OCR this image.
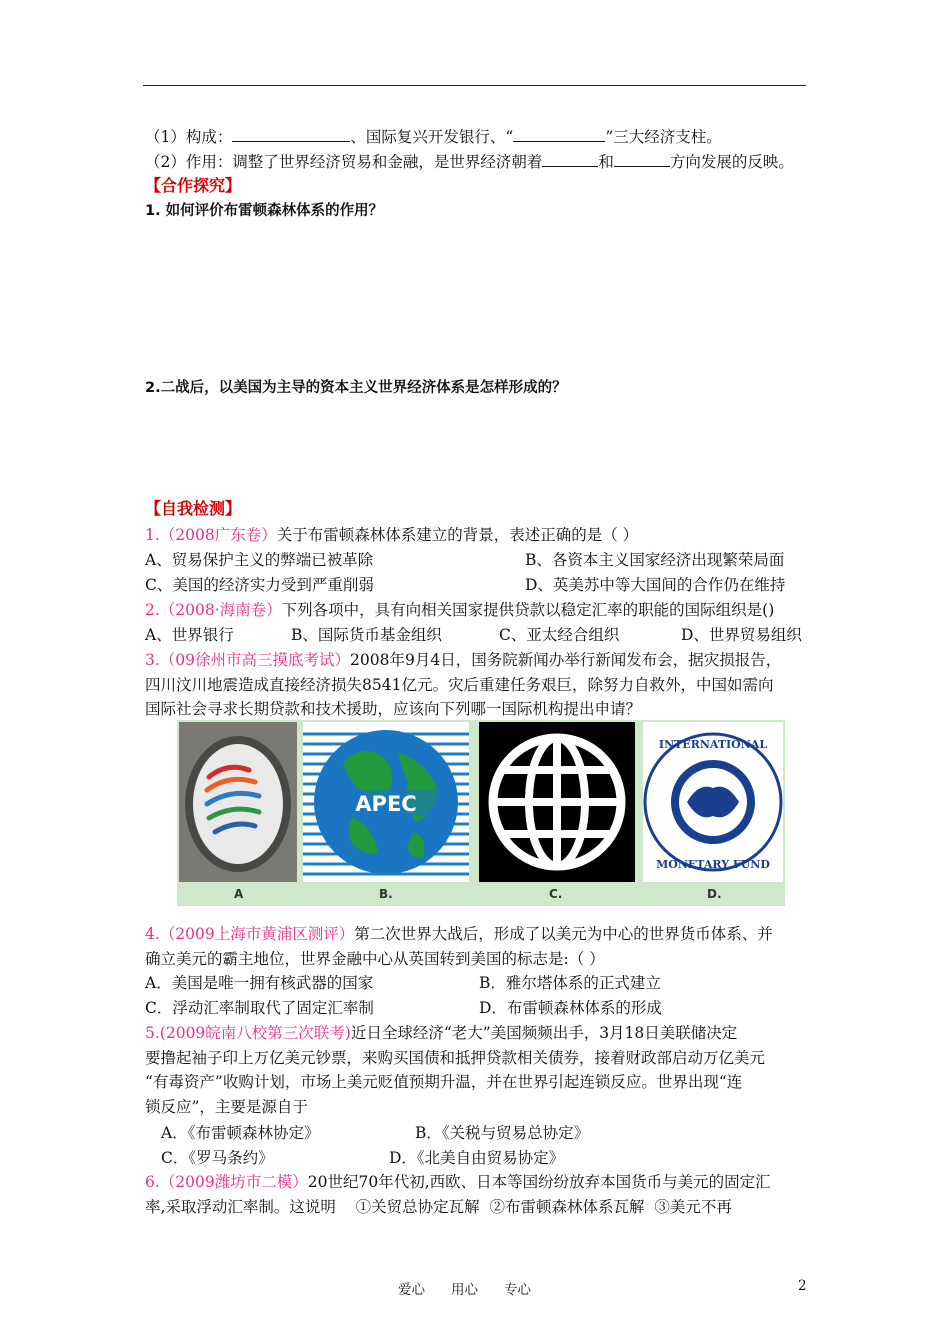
（1）构成：	、国际复兴开发银行、“	”三大经济支柱。
（2）作用：调整了世界经济贸易和金融，是世界经济朝着	和	方向发展的反映。
【合作探究】
1. 如何评价布雷顿森林体系的作用？
2.二战后，以美国为主导的资本主义世界经济体系是怎样形成的？
【自我检测】
1.（2008广东卷）关于布雷顿森林体系建立的背景，表述正确的是（ ）
A、贸易保护主义的弊端已被革除	B、各资本主义国家经济出现繁荣局面
C、美国的经济实力受到严重削弱	D、英美苏中等大国间的合作仍在维持
2.（2008·海南卷）下列各项中，具有向相关国家提供贷款以稳定汇率的职能的国际组织是()
A、世界银行	B、国际货币基金组织	C、亚太经合组织	D、世界贸易组织
3.（09徐州市高三摸底考试）2008年9月4日，国务院新闻办举行新闻发布会，据灾损报告，
四川汶川地震造成直接经济损失8541亿元。灾后重建任务艰巨，除努力自救外，中国如需向
国际社会寻求长期贷款和技术援助，应该向下列哪一国际机构提出申请？
APEC
INTERNATIONAL
MONETARY FUND
A	B.	C.	D.
4.（2009上海市黄浦区测评）第二次世界大战后，形成了以美元为中心的世界货币体系、并
确立美元的霸主地位，世界金融中心从英国转到美国的标志是:（ ）
A．美国是唯一拥有核武器的国家	B．雅尔塔体系的正式建立
C．浮动汇率制取代了固定汇率制	D．布雷顿森林体系的形成
5.(2009皖南八校第三次联考)近日全球经济“老大”美国频频出手，3月18日美联储决定
要撸起袖子印上万亿美元钞票，来购买国债和抵押贷款相关债券，接着财政部启动万亿美元
“有毒资产”收购计划，市场上美元贬值预期升温，并在世界引起连锁反应。世界出现“连
锁反应”，主要是源自于
A．《布雷顿森林协定》	B．《关税与贸易总协定》
C．《罗马条约》	D．《北美自由贸易协定》
6.（2009潍坊市二模）20世纪70年代初,西欧、日本等国纷纷放弃本国货币与美元的固定汇
率,采取浮动汇率制。这说明    ①关贸总协定瓦解  ②布雷顿森林体系瓦解  ③美元不再
爱心 用心 专心	2
